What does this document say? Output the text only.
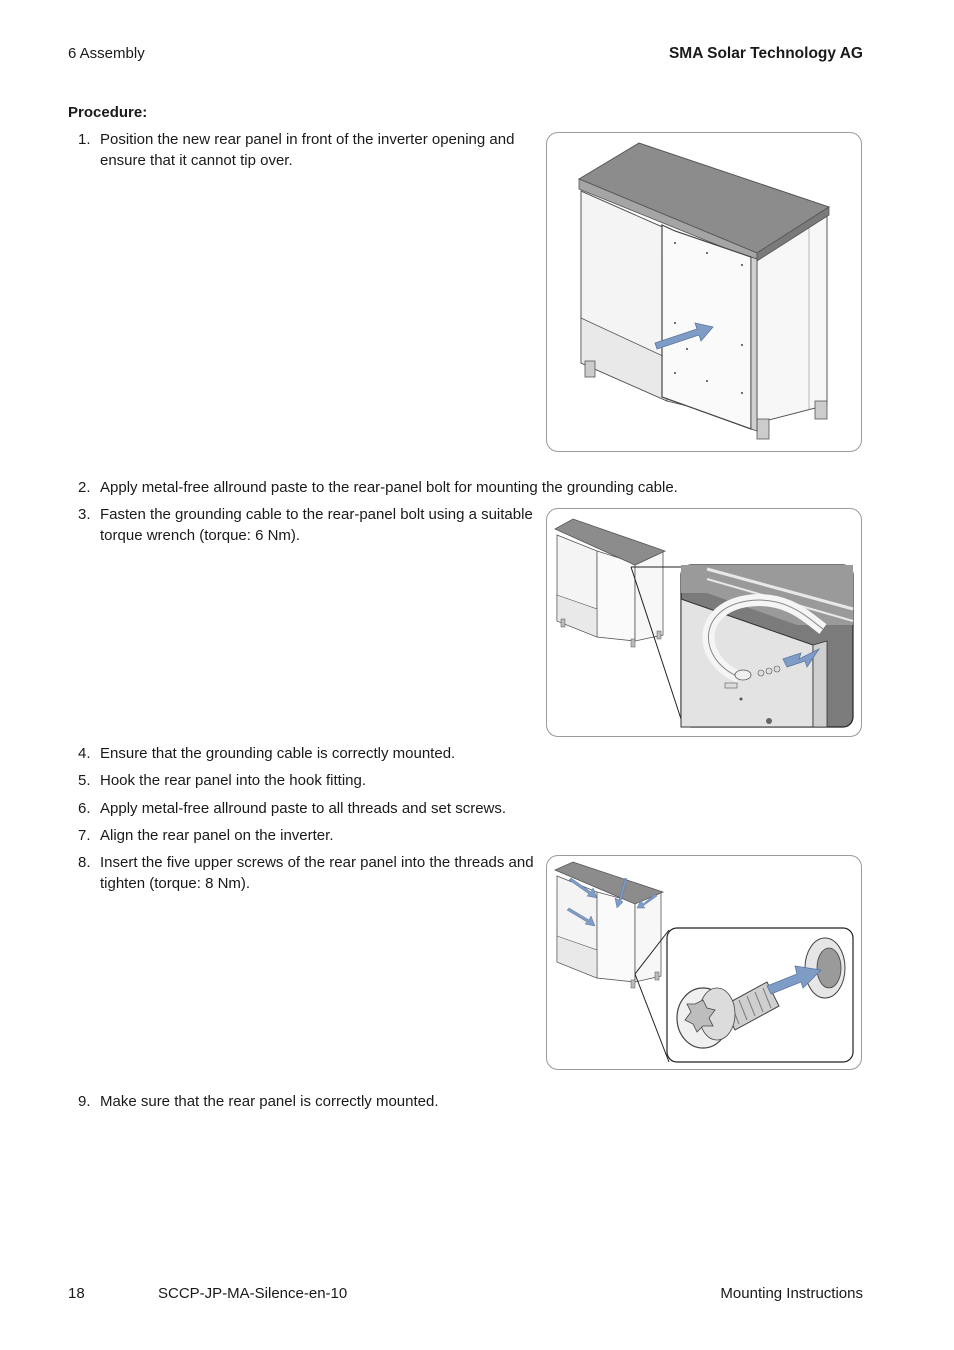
6 Assembly	SMA Solar Technology AG
Procedure:
1. Position the new rear panel in front of the inverter opening and
ensure that it cannot tip over.
2. Apply metal-free allround paste to the rear-panel bolt for mounting the grounding cable.
3. Fasten the grounding cable to the rear-panel bolt using a suitable
torque wrench (torque: 6 Nm).
4. Ensure that the grounding cable is correctly mounted.
5. Hook the rear panel into the hook fitting.
6. Apply metal-free allround paste to all threads and set screws.
7. Align the rear panel on the inverter.
8. Insert the five upper screws of the rear panel into the threads and
tighten (torque: 8 Nm).
9. Make sure that the rear panel is correctly mounted.
18	SCCP-JP-MA-Silence-en-10	Mounting Instructions
